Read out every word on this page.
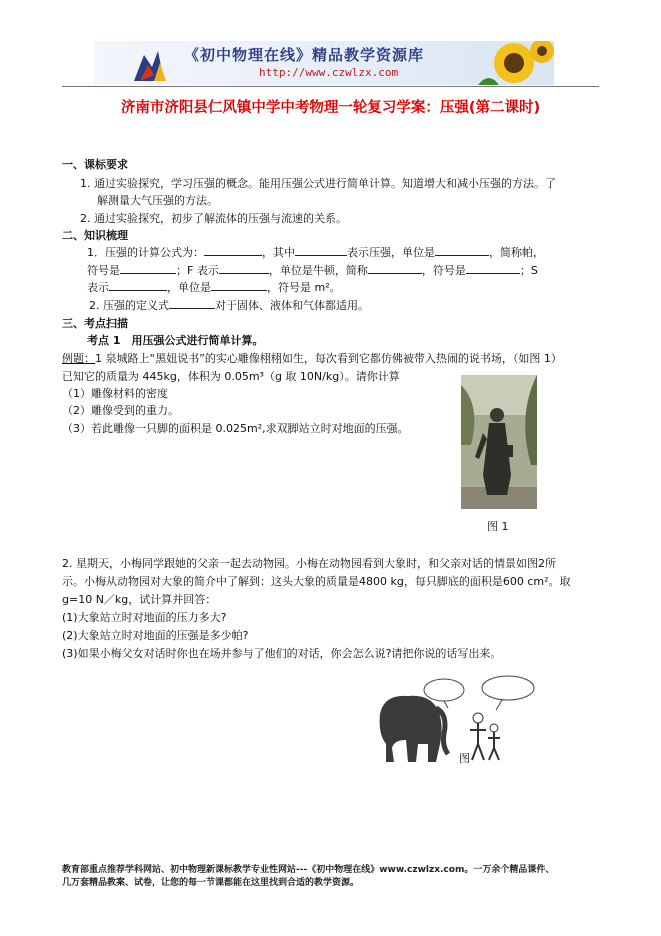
《初中物理在线》精品教学资源库
http://www.czwlzx.com
济南市济阳县仁风镇中学中考物理一轮复习学案：压强(第二课时)
一、课标要求
1. 通过实验探究，学习压强的概念。能用压强公式进行简单计算。知道增大和减小压强的方法。了
解测量大气压强的方法。
2. 通过实验探究，初步了解流体的压强与流速的关系。
二、知识梳理
1．压强的计算公式为：	，其中	表示压强，单位是	，简称帕，
符号是	；F 表示	，单位是牛顿，简称	，符号是	；S
表示	，单位是	，符号是 m²。
2. 压强的定义式	对于固体、液体和气体都适用。
三、考点扫描
考点 1　用压强公式进行简单计算。
例题：1 泉城路上“黑妞说书”的实心雕像栩栩如生，每次看到它都仿佛被带入热闹的说书场，（如图 1）
已知它的质量为 445kg，体积为 0.05m³（g 取 10N/kg）。请你计算
（1）雕像材料的密度
（2）雕像受到的重力。
（3）若此雕像一只脚的面积是 0.025m²,求双脚站立时对地面的压强。
图 1
2. 星期天，小梅同学跟她的父亲一起去动物园。小梅在动物园看到大象时，和父亲对话的情景如图2所
示。小梅从动物园对大象的简介中了解到：这头大象的质量是4800 kg，每只脚底的面积是600 cm²。取
g=10 N／kg，试计算并回答：
(1)大象站立时对地面的压力多大?
(2)大象站立时对地面的压强是多少帕?
(3)如果小梅父女对话时你也在场并参与了他们的对话，你会怎么说?请把你说的话写出来。
图
教育部重点推荐学科网站、初中物理新课标教学专业性网站---《初中物理在线》www.czwlzx.com。一万余个精品课件、
几万套精品教案、试卷，让您的每一节课都能在这里找到合适的教学资源。
